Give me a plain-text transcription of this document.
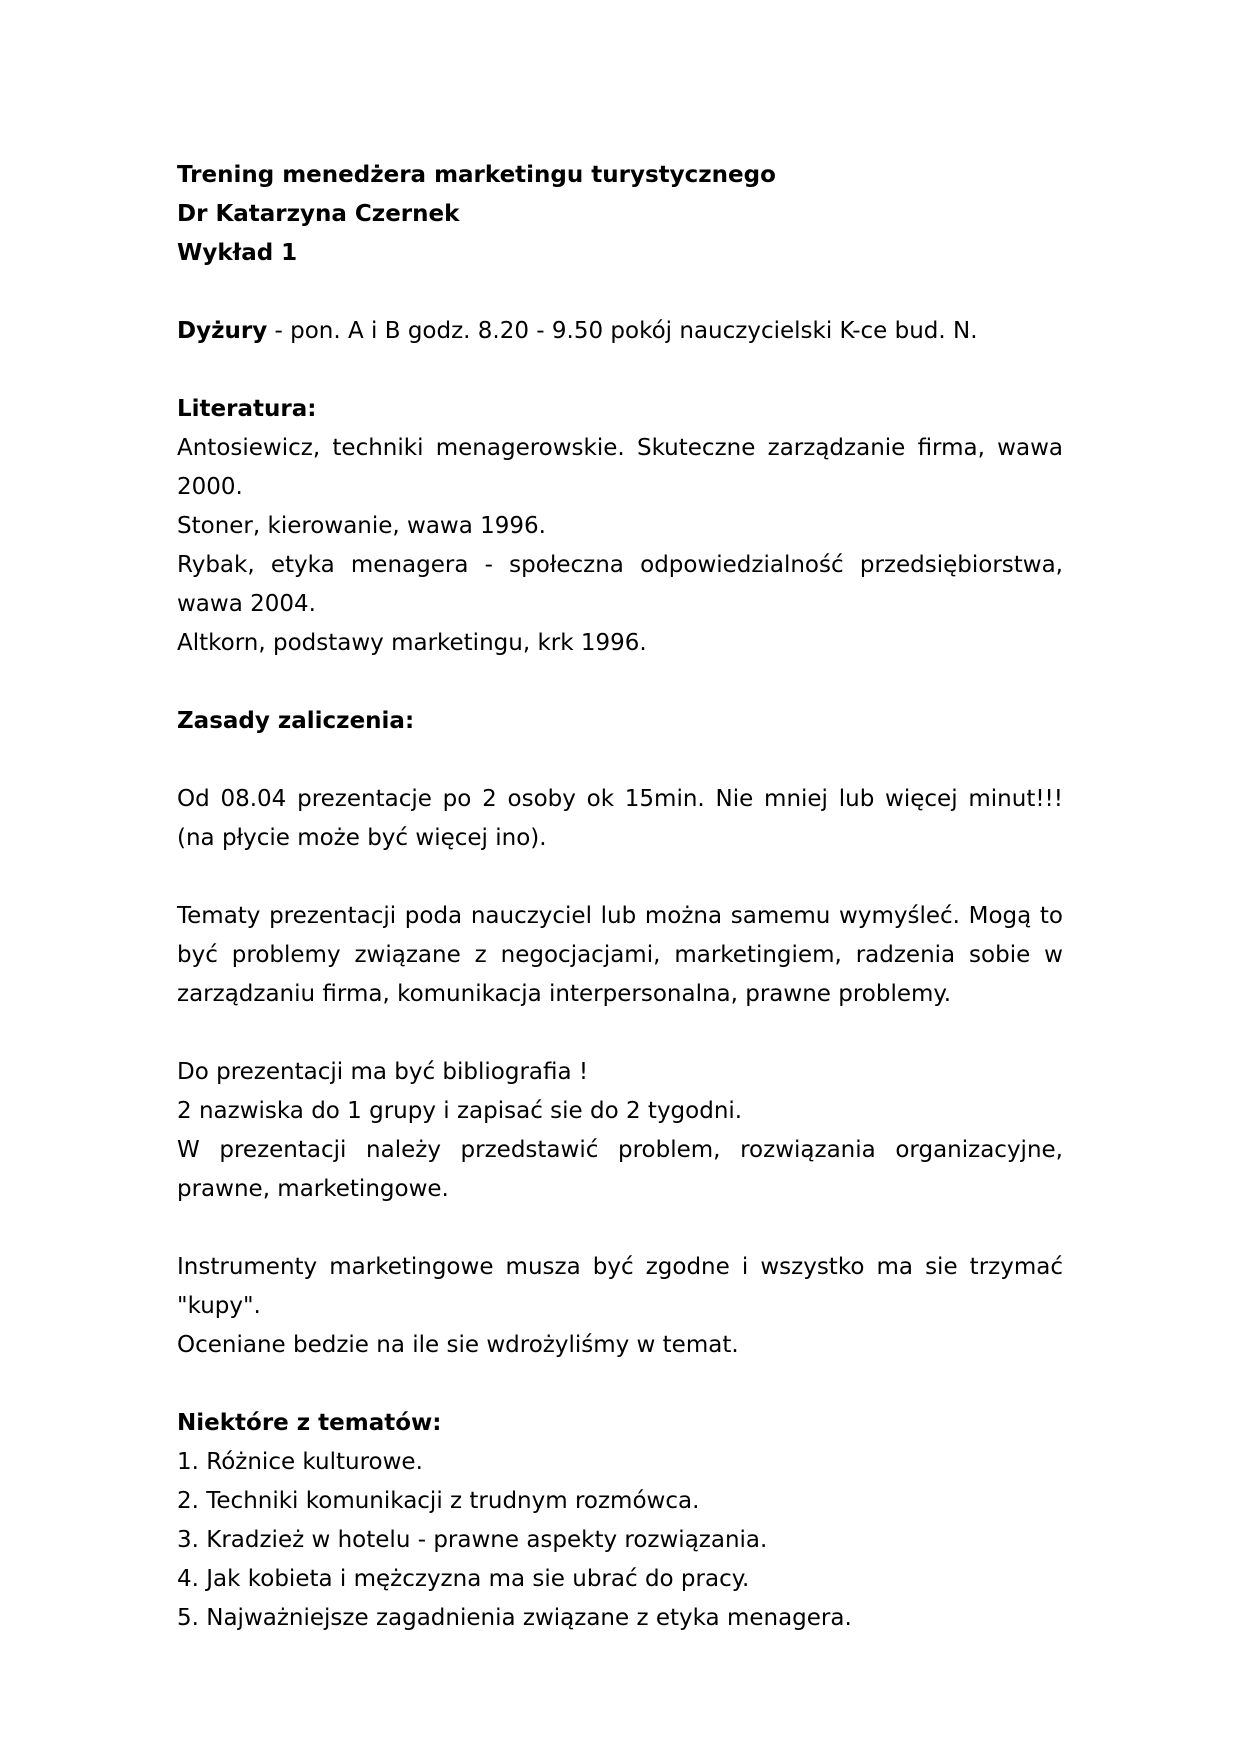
Trening menedżera marketingu turystycznego
Dr Katarzyna Czernek
Wykład 1
Dyżury - pon. A i B godz. 8.20 - 9.50 pokój nauczycielski K-ce bud. N.
Literatura:

Antosiewicz, techniki menagerowskie. Skuteczne zarządzanie firma, wawa 2000.

Stoner, kierowanie, wawa 1996.

Rybak, etyka menagera - społeczna odpowiedzialność przedsiębiorstwa, wawa 2004.

Altkorn, podstawy marketingu, krk 1996.

Zasady zaliczenia:

Od 08.04 prezentacje po 2 osoby ok 15min. Nie mniej lub więcej minut!!! (na płycie może być więcej ino).

Tematy prezentacji poda nauczyciel lub można samemu wymyśleć. Mogą to być problemy związane z negocjacjami, marketingiem, radzenia sobie w zarządzaniu firma, komunikacja interpersonalna, prawne problemy.

Do prezentacji ma być bibliografia !

2 nazwiska do 1 grupy i zapisać sie do 2 tygodni.

W prezentacji należy przedstawić problem, rozwiązania organizacyjne, prawne, marketingowe.

Instrumenty marketingowe musza być zgodne i wszystko ma sie trzymać "kupy".

Oceniane bedzie na ile sie wdrożyliśmy w temat.

Niektóre z tematów:
1. Różnice kulturowe.
2. Techniki komunikacji z trudnym rozmówca.
3. Kradzież w hotelu - prawne aspekty rozwiązania.
4. Jak kobieta i mężczyzna ma sie ubrać do pracy.
5. Najważniejsze zagadnienia związane z etyka menagera.
